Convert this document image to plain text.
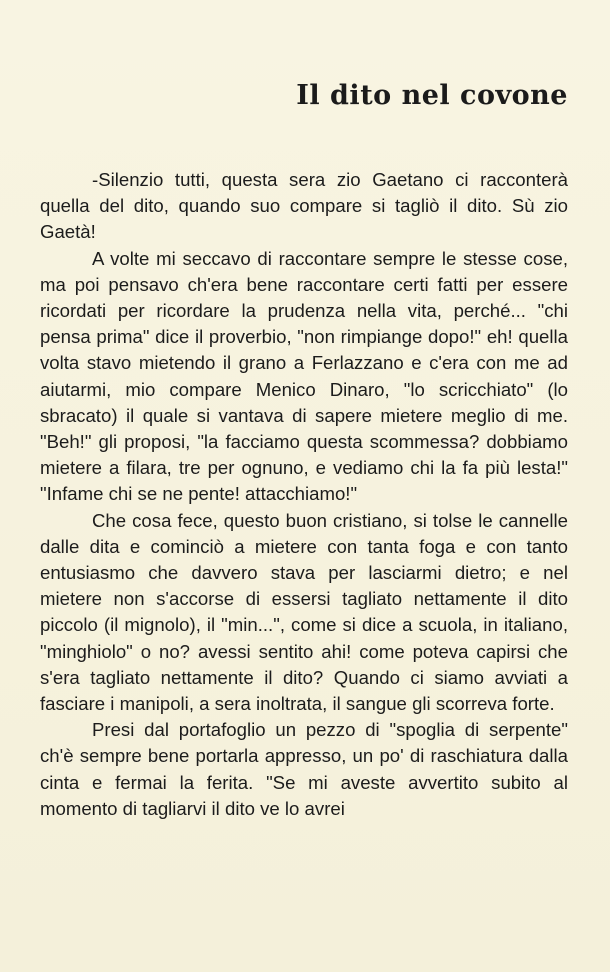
Il dito nel covone

-Silenzio tutti, questa sera zio Gaetano ci racconterà quella del dito, quando suo compare si tagliò il dito. Sù zio Gaetà!

A volte mi seccavo di raccontare sempre le stesse cose, ma poi pensavo ch'era bene raccontare certi fatti per essere ricordati per ricordare la prudenza nella vita, perché... "chi pensa prima" dice il proverbio, "non rimpiange dopo!" eh! quella volta stavo mietendo il grano a Ferlazzano e c'era con me ad aiutarmi, mio compare Menico Dinaro, "lo scricchiato" (lo sbracato) il quale si vantava di sapere mietere meglio di me. "Beh!" gli proposi, "la facciamo questa scommessa? dobbiamo mietere a filara, tre per ognuno, e vediamo chi la fa più lesta!" "Infame chi se ne pente! attacchiamo!"

Che cosa fece, questo buon cristiano, si tolse le cannelle dalle dita e cominciò a mietere con tanta foga e con tanto entusiasmo che davvero stava per lasciarmi dietro; e nel mietere non s'accorse di essersi tagliato nettamente il dito piccolo (il mignolo), il "min...", come si dice a scuola, in italiano, "minghiolo" o no? avessi sentito ahi! come poteva capirsi che s'era tagliato nettamente il dito? Quando ci siamo avviati a fasciare i manipoli, a sera inoltrata, il sangue gli scorreva forte.

Presi dal portafoglio un pezzo di "spoglia di serpente" ch'è sempre bene portarla appresso, un po' di raschiatura dalla cinta e fermai la ferita. "Se mi aveste avvertito subito al momento di tagliarvi il dito ve lo avrei
